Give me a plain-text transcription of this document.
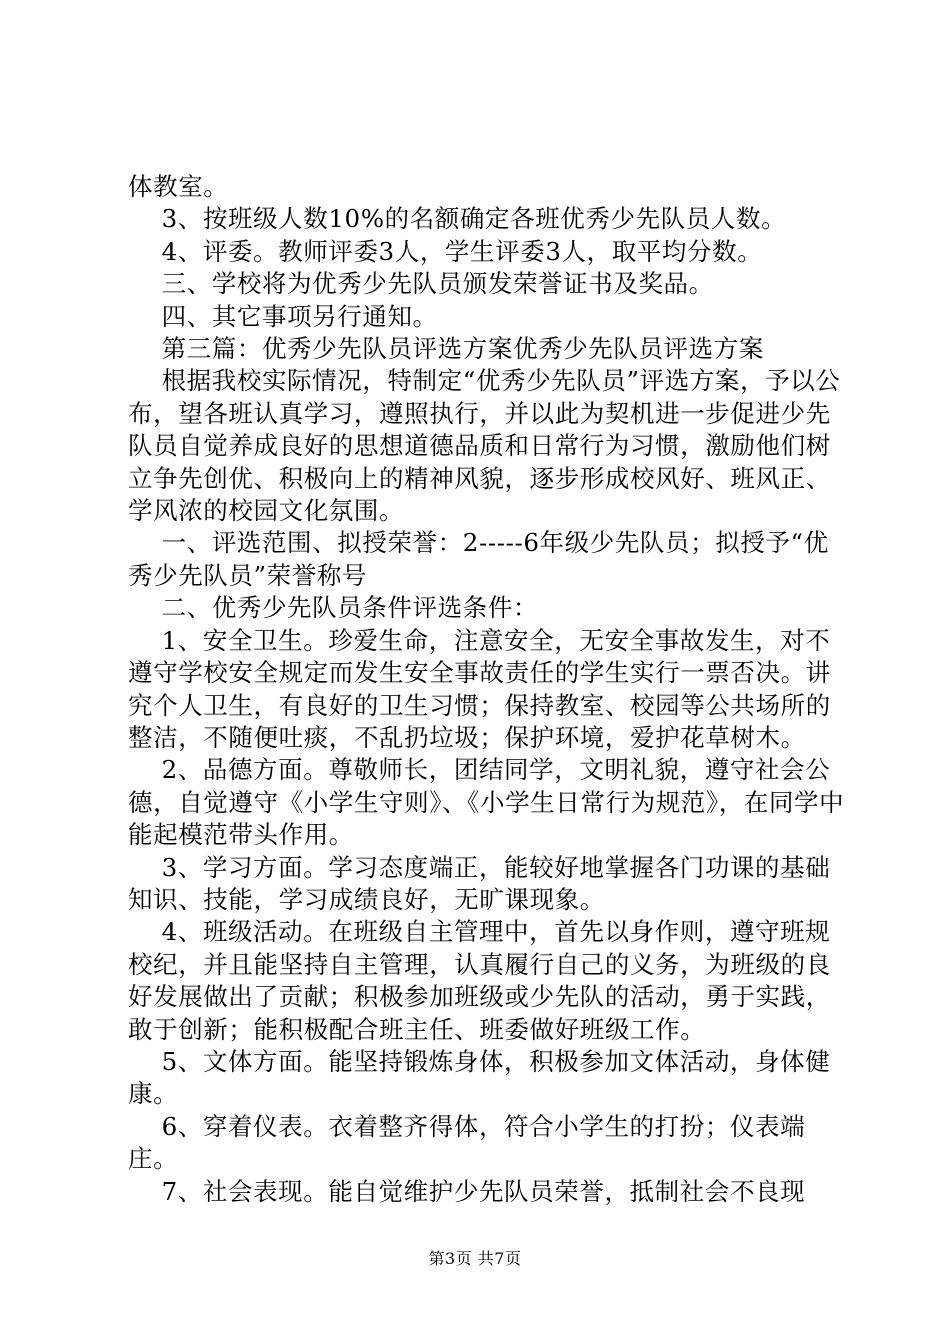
体教室。

3、按班级人数10%的名额确定各班优秀少先队员人数。

4、评委。教师评委3人，学生评委3人，取平均分数。

三、学校将为优秀少先队员颁发荣誉证书及奖品。

四、其它事项另行通知。

第三篇：优秀少先队员评选方案优秀少先队员评选方案

根据我校实际情况，特制定“优秀少先队员”评选方案，予以公布，望各班认真学习，遵照执行，并以此为契机进一步促进少先队员自觉养成良好的思想道德品质和日常行为习惯，激励他们树立争先创优、积极向上的精神风貌，逐步形成校风好、班风正、学风浓的校园文化氛围。

一、评选范围、拟授荣誉：2-----6年级少先队员；拟授予“优秀少先队员”荣誉称号

二、优秀少先队员条件评选条件：

1、安全卫生。珍爱生命，注意安全，无安全事故发生，对不遵守学校安全规定而发生安全事故责任的学生实行一票否决。讲究个人卫生，有良好的卫生习惯；保持教室、校园等公共场所的整洁，不随便吐痰，不乱扔垃圾；保护环境，爱护花草树木。

2、品德方面。尊敬师长，团结同学，文明礼貌，遵守社会公德，自觉遵守《小学生守则》、《小学生日常行为规范》，在同学中能起模范带头作用。

3、学习方面。学习态度端正，能较好地掌握各门功课的基础知识、技能，学习成绩良好，无旷课现象。

4、班级活动。在班级自主管理中，首先以身作则，遵守班规校纪，并且能坚持自主管理，认真履行自己的义务，为班级的良好发展做出了贡献；积极参加班级或少先队的活动，勇于实践，敢于创新；能积极配合班主任、班委做好班级工作。

5、文体方面。能坚持锻炼身体，积极参加文体活动，身体健康。

6、穿着仪表。衣着整齐得体，符合小学生的打扮；仪表端庄。

7、社会表现。能自觉维护少先队员荣誉，抵制社会不良现

第3页 共7页
